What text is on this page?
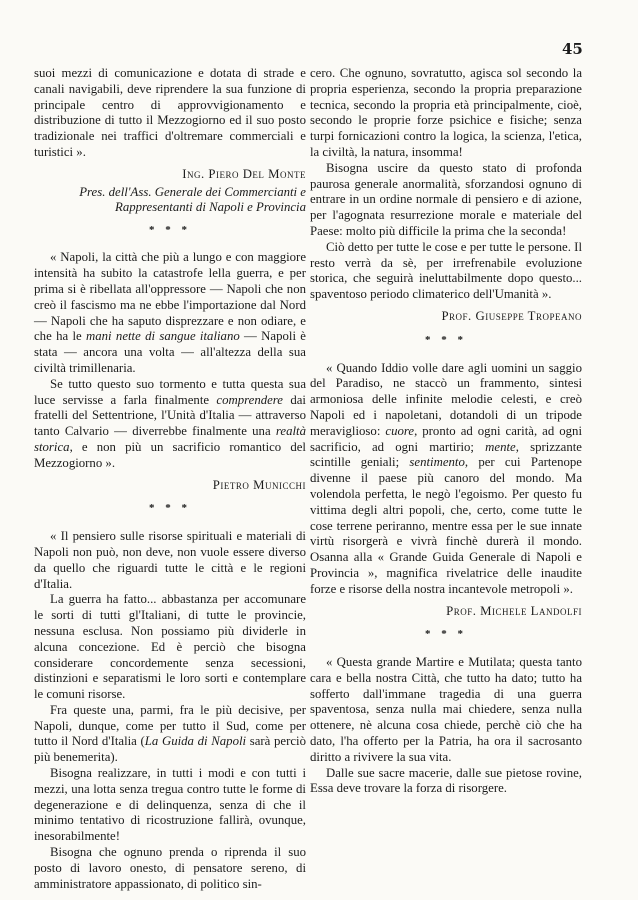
45

suoi mezzi di comunicazione e dotata di strade e canali navigabili, deve riprendere la sua funzione di principale centro di approvvigionamento e distribuzione di tutto il Mezzogiorno ed il suo posto tradizionale nei traffici d'oltremare commerciali e turistici ».

Ing. Piero Del Monte
Pres. dell'Ass. Generale dei Commercianti e Rappresentanti di Napoli e Provincia
* * *

« Napoli, la città che più a lungo e con maggiore intensità ha subito la catastrofe lella guerra, e per prima si è ribellata all'oppressore — Napoli che non creò il fascismo ma ne ebbe l'importazione dal Nord — Napoli che ha saputo disprezzare e non odiare, e che ha le mani nette di sangue italiano — Napoli è stata — ancora una volta — all'altezza della sua civiltà trimillenaria.

Se tutto questo suo tormento e tutta questa sua luce servisse a farla finalmente comprendere dai fratelli del Settentrione, l'Unità d'Italia — attraverso tanto Calvario — diverrebbe finalmente una realtà storica, e non più un sacrificio romantico del Mezzogiorno ».

Pietro Municchi
* * *

« Il pensiero sulle risorse spirituali e materiali di Napoli non può, non deve, non vuole essere diverso da quello che riguardi tutte le città e le regioni d'Italia.

La guerra ha fatto... abbastanza per accomunare le sorti di tutti gl'Italiani, di tutte le provincie, nessuna esclusa. Non possiamo più dividerle in alcuna concezione. Ed è perciò che bisogna considerare concordemente senza secessioni, distinzioni e separatismi le loro sorti e contemplare le comuni risorse.

Fra queste una, parmi, fra le più decisive, per Napoli, dunque, come per tutto il Sud, come per tutto il Nord d'Italia (La Guida di Napoli sarà perciò più benemerita).

Bisogna realizzare, in tutti i modi e con tutti i mezzi, una lotta senza tregua contro tutte le forme di degenerazione e di delinquenza, senza di che il minimo tentativo di ricostruzione fallirà, ovunque, inesorabilmente!

Bisogna che ognuno prenda o riprenda il suo posto di lavoro onesto, di pensatore sereno, di amministratore appassionato, di politico sin-

cero. Che ognuno, sovratutto, agisca sol secondo la propria esperienza, secondo la propria preparazione tecnica, secondo la propria età principalmente, cioè, secondo le proprie forze psichice e fisiche; senza turpi fornicazioni contro la logica, la scienza, l'etica, la civiltà, la natura, insomma!

Bisogna uscire da questo stato di profonda paurosa generale anormalità, sforzandosi ognuno di entrare in un ordine normale di pensiero e di azione, per l'agognata resurrezione morale e materiale del Paese: molto più difficile la prima che la seconda!

Ciò detto per tutte le cose e per tutte le persone. Il resto verrà da sè, per irrefrenabile evoluzione storica, che seguirà ineluttabilmente dopo questo... spaventoso periodo climaterico dell'Umanità ».

Prof. Giuseppe Tropeano
* * *

« Quando Iddio volle dare agli uomini un saggio del Paradiso, ne staccò un frammento, sintesi armoniosa delle infinite melodie celesti, e creò Napoli ed i napoletani, dotandoli di un tripode meraviglioso: cuore, pronto ad ogni carità, ad ogni sacrificio, ad ogni martirio; mente, sprizzante scintille geniali; sentimento, per cui Partenope divenne il paese più canoro del mondo. Ma volendola perfetta, le negò l'egoismo. Per questo fu vittima degli altri popoli, che, certo, come tutte le cose terrene periranno, mentre essa per le sue innate virtù risorgerà e vivrà finchè durerà il mondo. Osanna alla « Grande Guida Generale di Napoli e Provincia », magnifica rivelatrice delle inaudite forze e risorse della nostra incantevole metropoli ».

Prof. Michele Landolfi
* * *

« Questa grande Martire e Mutilata; questa tanto cara e bella nostra Città, che tutto ha dato; tutto ha sofferto dall'immane tragedia di una guerra spaventosa, senza nulla mai chiedere, senza nulla ottenere, nè alcuna cosa chiede, perchè ciò che ha dato, l'ha offerto per la Patria, ha ora il sacrosanto diritto a rivivere la sua vita.

Dalle sue sacre macerie, dalle sue pietose rovine, Essa deve trovare la forza di risorgere.
